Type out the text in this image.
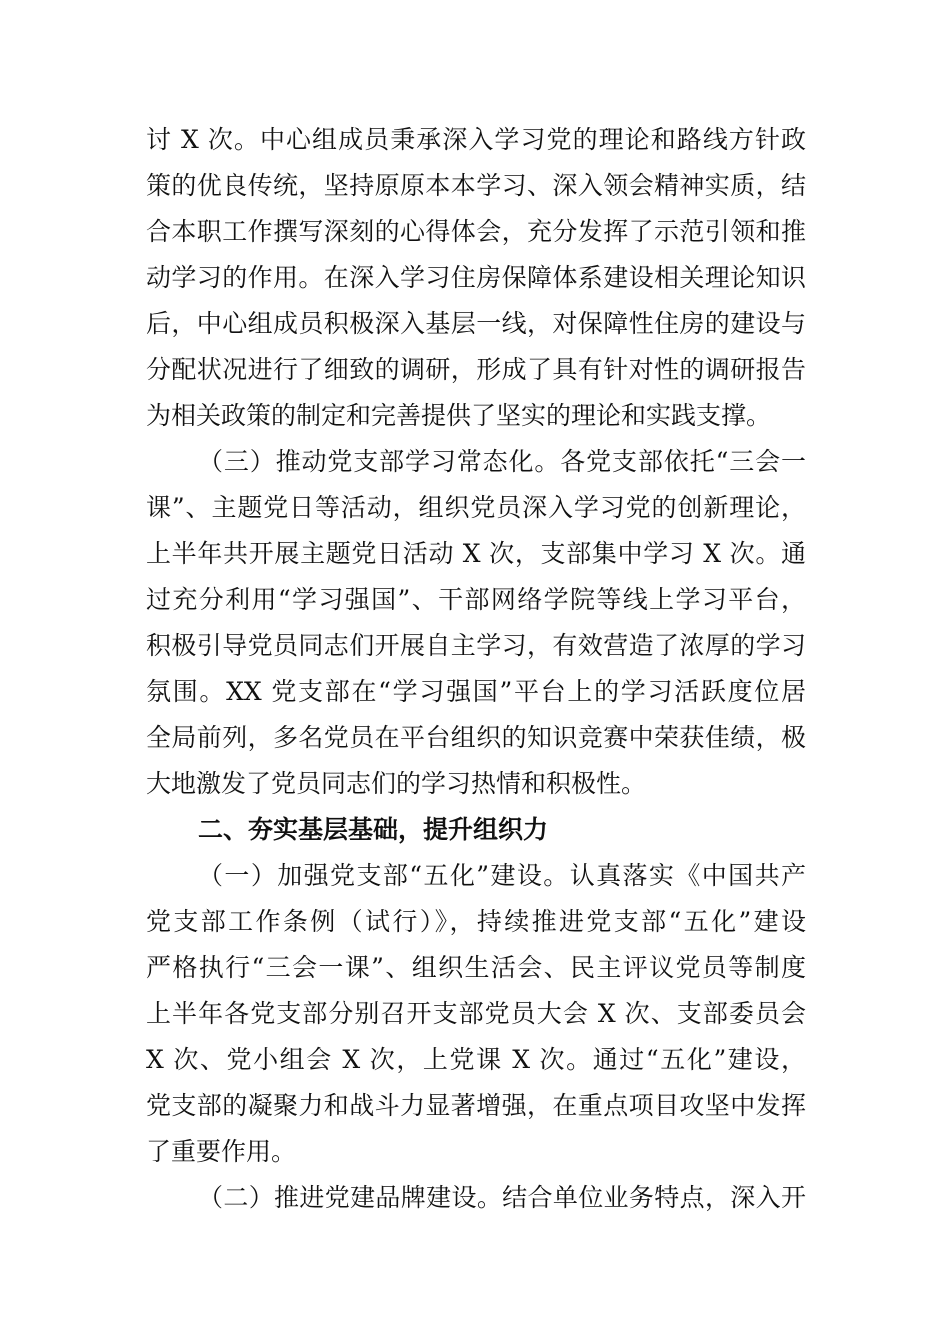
讨 X 次。中心组成员秉承深入学习党的理论和路线方针政
策的优良传统，坚持原原本本学习、深入领会精神实质，结
合本职工作撰写深刻的心得体会，充分发挥了示范引领和推
动学习的作用。在深入学习住房保障体系建设相关理论知识
后，中心组成员积极深入基层一线，对保障性住房的建设与
分配状况进行了细致的调研，形成了具有针对性的调研报告
为相关政策的制定和完善提供了坚实的理论和实践支撑。
（三）推动党支部学习常态化。各党支部依托“三会一
课”、主题党日等活动，组织党员深入学习党的创新理论，
上半年共开展主题党日活动 X 次，支部集中学习 X 次。通
过充分利用“学习强国”、干部网络学院等线上学习平台，
积极引导党员同志们开展自主学习，有效营造了浓厚的学习
氛围。XX 党支部在“学习强国”平台上的学习活跃度位居
全局前列，多名党员在平台组织的知识竞赛中荣获佳绩，极
大地激发了党员同志们的学习热情和积极性。
二、夯实基层基础，提升组织力
（一）加强党支部“五化”建设。认真落实《中国共产
党支部工作条例（试行）》，持续推进党支部“五化”建设
严格执行“三会一课”、组织生活会、民主评议党员等制度
上半年各党支部分别召开支部党员大会 X 次、支部委员会
X 次、党小组会 X 次，上党课 X 次。通过“五化”建设，
党支部的凝聚力和战斗力显著增强，在重点项目攻坚中发挥
了重要作用。
（二）推进党建品牌建设。结合单位业务特点，深入开
